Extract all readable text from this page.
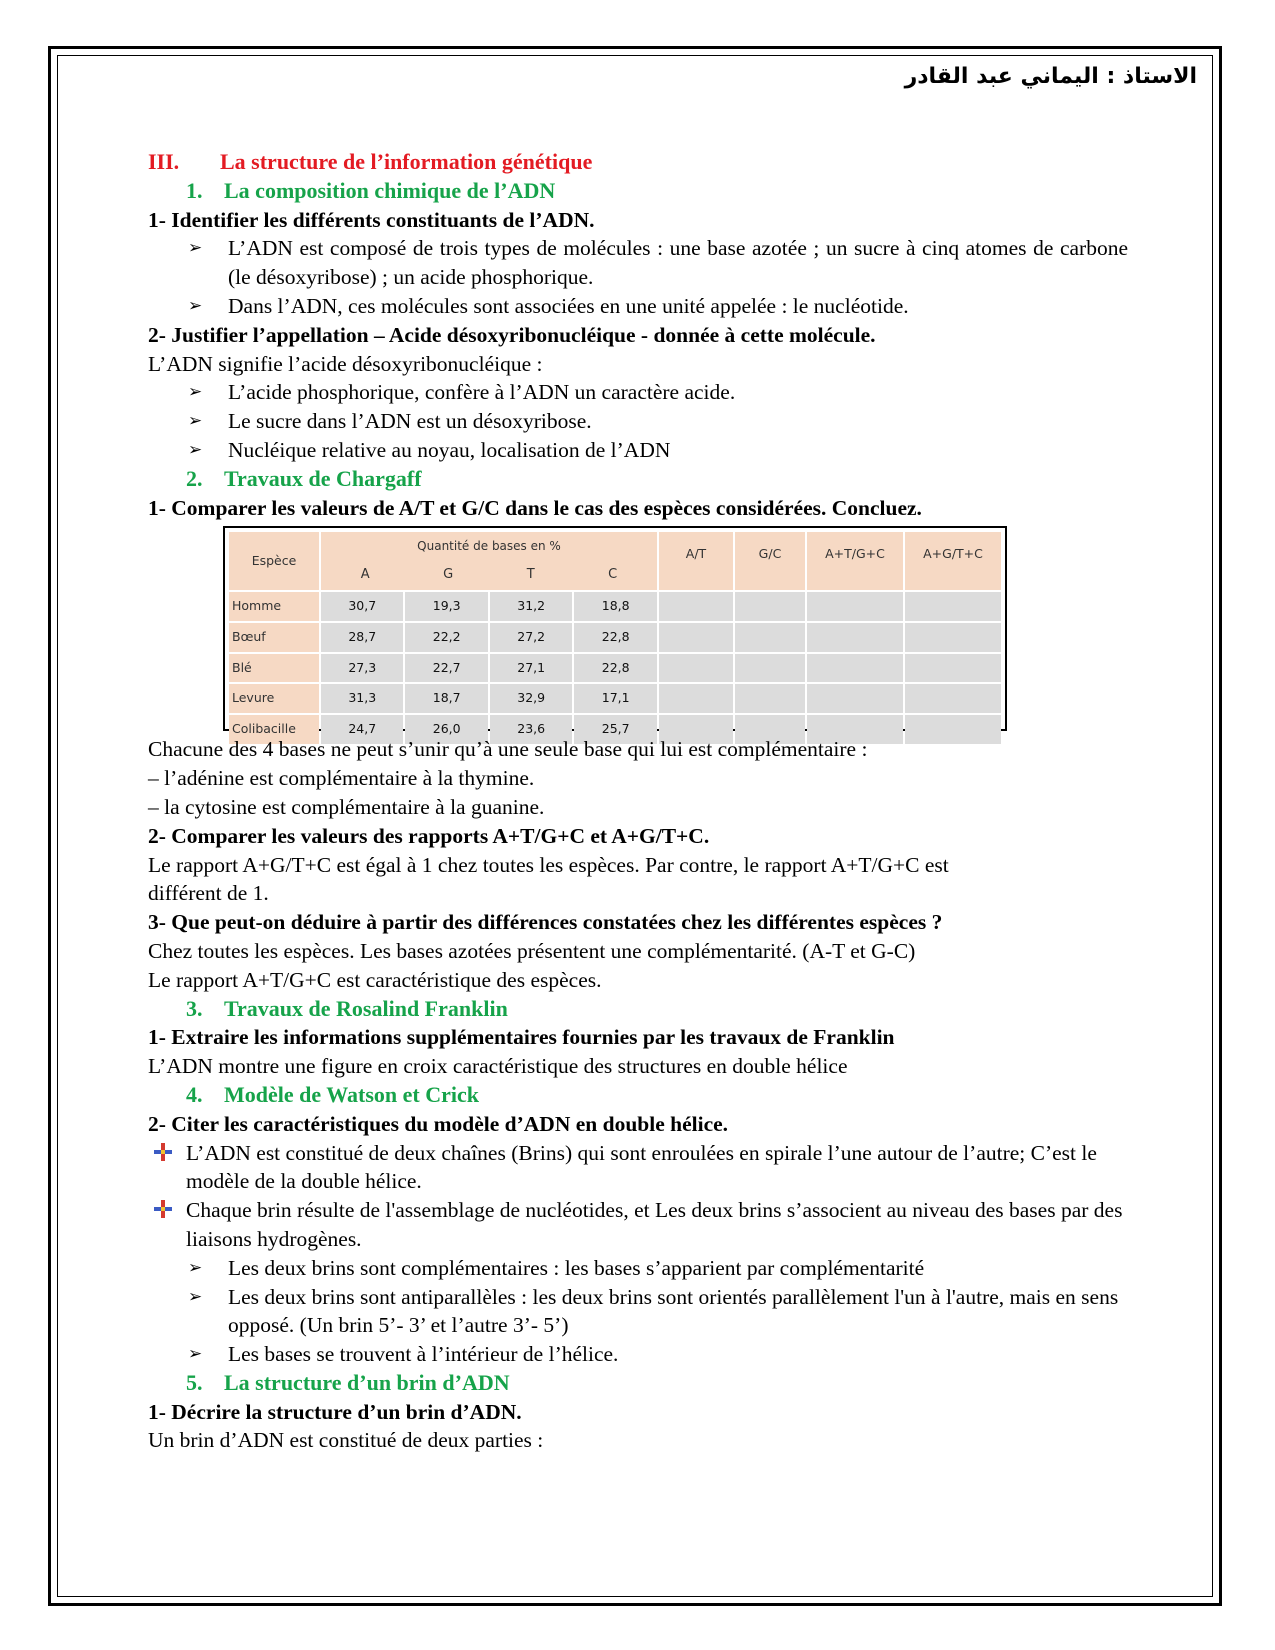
الاستاذ : اليماني عبد القادر
III.	La structure de l’information génétique
1. La composition chimique de l’ADN
1- Identifier les différents constituants de l’ADN.
➢	L’ADN est composé de trois types de molécules : une base azotée ; un sucre à cinq atomes de carbone (le désoxyribose) ; un acide phosphorique.
➢	Dans l’ADN, ces molécules sont associées en une unité appelée : le nucléotide.
2- Justifier l’appellation – Acide désoxyribonucléique - donnée à cette molécule.
L’ADN signifie l’acide désoxyribonucléique :
➢	L’acide phosphorique, confère à l’ADN un caractère acide.
➢	Le sucre dans l’ADN est un désoxyribose.
➢	Nucléique relative au noyau, localisation de l’ADN
2. Travaux de Chargaff
1- Comparer les valeurs de A/T et G/C dans le cas des espèces considérées. Concluez.
Espèce	Quantité de bases en %
A G T C				A/T	G/C	A+T/G+C	A+G/T+C
Homme	30,7	19,3	31,2	18,8				
Bœuf	28,7	22,2	27,2	22,8				
Blé	27,3	22,7	27,1	22,8				
Levure	31,3	18,7	32,9	17,1				
Colibacille	24,7	26,0	23,6	25,7				
Chacune des 4 bases ne peut s’unir qu’à une seule base qui lui est complémentaire :
– l’adénine est complémentaire à la thymine.
– la cytosine est complémentaire à la guanine.
2- Comparer les valeurs des rapports A+T/G+C et A+G/T+C.
Le rapport A+G/T+C est égal à 1 chez toutes les espèces. Par contre, le rapport A+T/G+C est
différent de 1.
3- Que peut-on déduire à partir des différences constatées chez les différentes espèces ?
Chez toutes les espèces. Les bases azotées présentent une complémentarité. (A-T et G-C)
Le rapport A+T/G+C est caractéristique des espèces.
3. Travaux de Rosalind Franklin
1- Extraire les informations supplémentaires fournies par les travaux de Franklin
L’ADN montre une figure en croix caractéristique des structures en double hélice
4. Modèle de Watson et Crick
2- Citer les caractéristiques du modèle d’ADN en double hélice.
L’ADN est constitué de deux chaînes (Brins) qui sont enroulées en spirale l’une autour de l’autre; C’est le modèle de la double hélice.
Chaque brin résulte de l'assemblage de nucléotides, et Les deux brins s’associent au niveau des bases par des liaisons hydrogènes.
➢	Les deux brins sont complémentaires : les bases s’apparient par complémentarité
➢	Les deux brins sont antiparallèles : les deux brins sont orientés parallèlement l'un à l'autre, mais en sens opposé. (Un brin 5’- 3’ et l’autre 3’- 5’)
➢	Les bases se trouvent à l’intérieur de l’hélice.
5. La structure d’un brin d’ADN
1- Décrire la structure d’un brin d’ADN.
Un brin d’ADN est constitué de deux parties :
